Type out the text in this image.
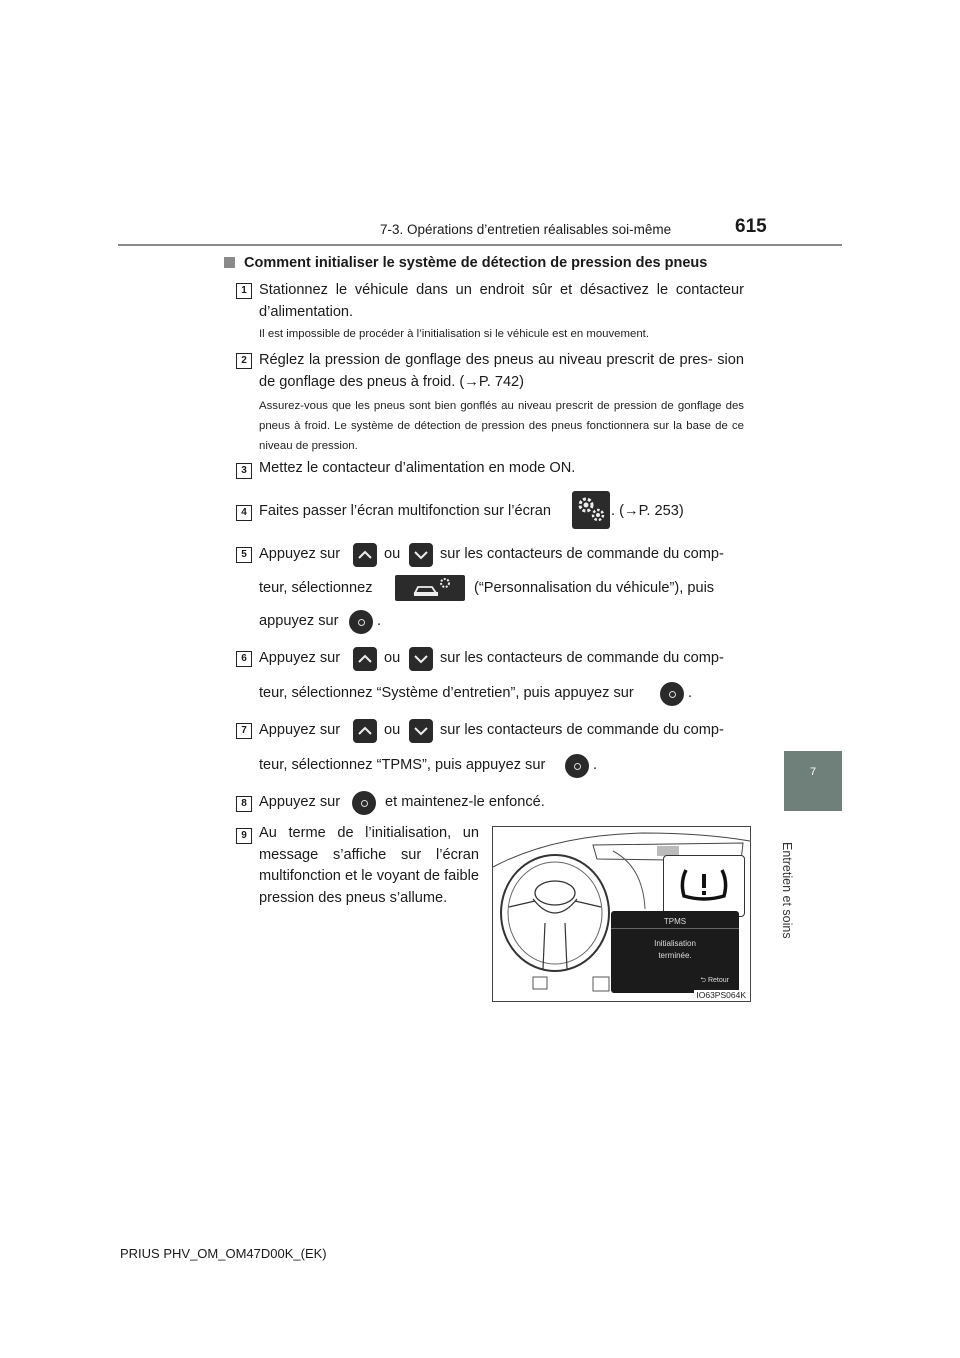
7-3. Opérations d’entretien réalisables soi-même	615
7
Entretien et soins
Comment initialiser le système de détection de pression des pneus
1 Stationnez le véhicule dans un endroit sûr et désactivez le contacteur d’alimentation.
Il est impossible de procéder à l’initialisation si le véhicule est en mouvement.
2 Réglez la pression de gonflage des pneus au niveau prescrit de pres- sion de gonflage des pneus à froid. (→P. 742)
Assurez-vous que les pneus sont bien gonflés au niveau prescrit de pression de gonflage des pneus à froid. Le système de détection de pression des pneus fonctionnera sur la base de ce niveau de pression.
3 Mettez le contacteur d’alimentation en mode ON.
4 Faites passer l’écran multifonction sur l’écran	. (→P. 253)
5 Appuyez sur	ou	sur les contacteurs de commande du comp-
teur, sélectionnez	(“Personnalisation du véhicule”), puis
appuyez sur	.
6 Appuyez sur	ou	sur les contacteurs de commande du comp-
teur, sélectionnez “Système d’entretien”, puis appuyez sur	.
7 Appuyez sur	ou	sur les contacteurs de commande du comp-
teur, sélectionnez “TPMS”, puis appuyez sur	.
8 Appuyez sur	et maintenez-le enfoncé.
9 Au terme de l’initialisation, un message s’affiche sur l’écran multifonction et le voyant de faible pression des pneus s’allume.
TPMS
Initialisation
terminée.
⮌ Retour
IO63PS064K
PRIUS PHV_OM_OM47D00K_(EK)
